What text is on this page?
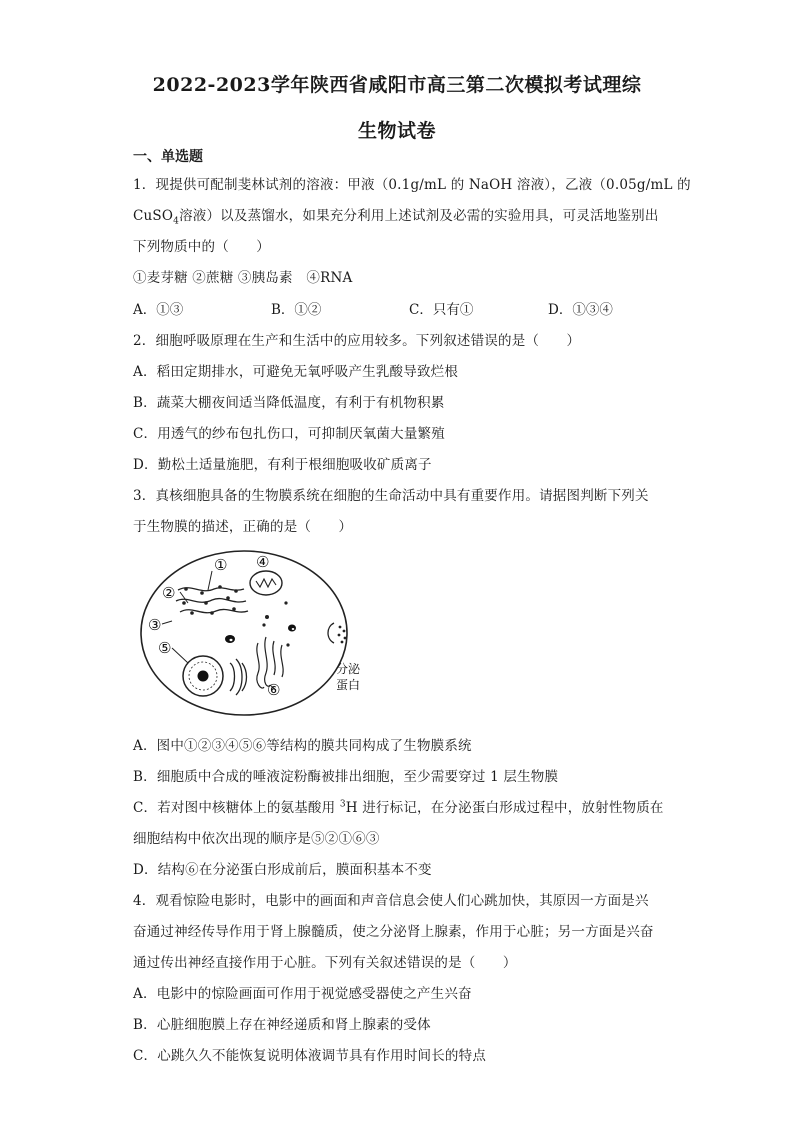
2022-2023学年陕西省咸阳市高三第二次模拟考试理综
生物试卷
一、单选题
1．现提供可配制斐林试剂的溶液：甲液（0.1g/mL 的 NaOH 溶液），乙液（0.05g/mL 的
CuSO$_4$溶液）以及蒸馏水，如果充分利用上述试剂及必需的实验用具，可灵活地鉴别出
下列物质中的（　　）
①麦芽糖 ②蔗糖 ③胰岛素　④RNA
A．①③	B．①②	C．只有①	D．①③④
2．细胞呼吸原理在生产和生活中的应用较多。下列叙述错误的是（　　）
A．稻田定期排水，可避免无氧呼吸产生乳酸导致烂根
B．蔬菜大棚夜间适当降低温度，有利于有机物积累
C．用透气的纱布包扎伤口，可抑制厌氧菌大量繁殖
D．勤松土适量施肥，有利于根细胞吸收矿质离子
3．真核细胞具备的生物膜系统在细胞的生命活动中具有重要作用。请据图判断下列关
于生物膜的描述，正确的是（　　）
①
②
③
④
⑤
⑥
分泌
蛋白
A．图中①②③④⑤⑥等结构的膜共同构成了生物膜系统
B．细胞质中合成的唾液淀粉酶被排出细胞，至少需要穿过 1 层生物膜
C．若对图中核糖体上的氨基酸用 $^3$H 进行标记，在分泌蛋白形成过程中，放射性物质在
细胞结构中依次出现的顺序是⑤②①⑥③
D．结构⑥在分泌蛋白形成前后，膜面积基本不变
4．观看惊险电影时，电影中的画面和声音信息会使人们心跳加快，其原因一方面是兴
奋通过神经传导作用于肾上腺髓质，使之分泌肾上腺素，作用于心脏；另一方面是兴奋
通过传出神经直接作用于心脏。下列有关叙述错误的是（　　）
A．电影中的惊险画面可作用于视觉感受器使之产生兴奋
B．心脏细胞膜上存在神经递质和肾上腺素的受体
C．心跳久久不能恢复说明体液调节具有作用时间长的特点
